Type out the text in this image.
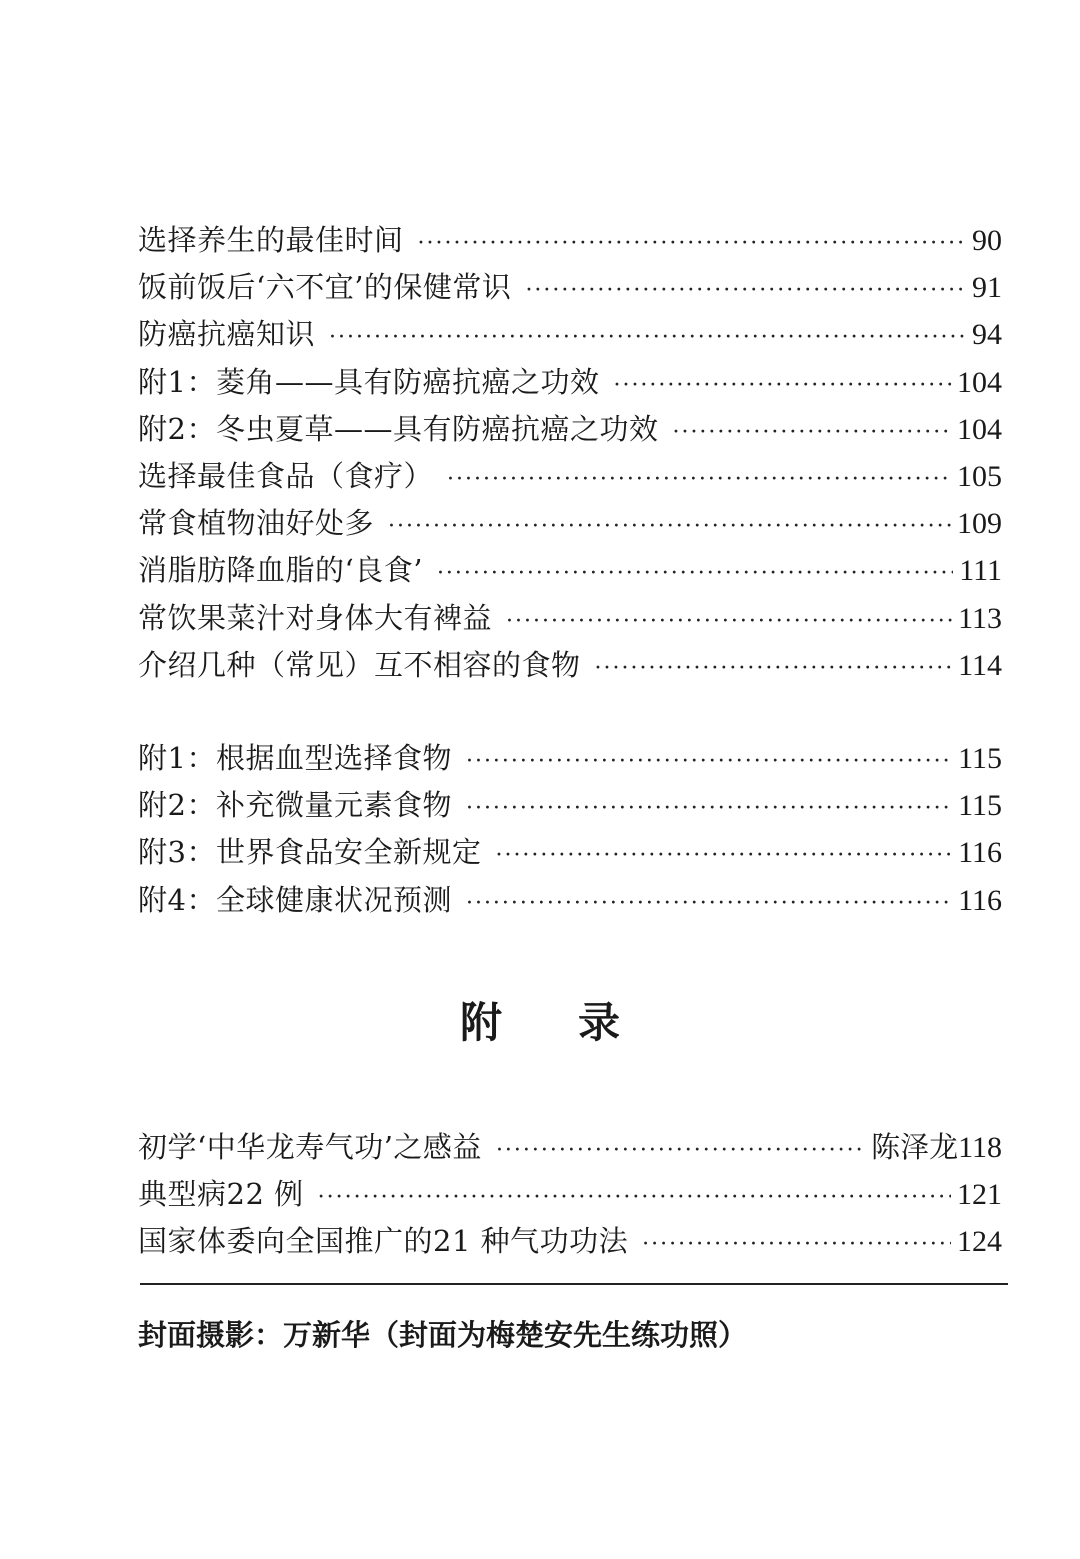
选择养生的最佳时间 ·····	90
饭前饭后‘六不宜’的保健常识 ·····	91
防癌抗癌知识 ·····	94
附1：菱角——具有防癌抗癌之功效 ·····	104
附2：冬虫夏草——具有防癌抗癌之功效 ·····	104
选择最佳食品（食疗） ·····	105
常食植物油好处多 ·····	109
消脂肪降血脂的‘良食’ ·····	111
常饮果菜汁对身体大有裨益 ·····	113
介绍几种（常见）互不相容的食物 ·····	114
附1：根据血型选择食物 ·····	115
附2：补充微量元素食物 ·····	115
附3：世界食品安全新规定 ·····	116
附4：全球健康状况预测 ·····	116
附 录
初学‘中华龙寿气功’之感益 ·····	陈泽龙 118
典型病22 例 ·····	121
国家体委向全国推广的21 种气功功法 ·····	124
封面摄影：万新华（封面为梅楚安先生练功照）
